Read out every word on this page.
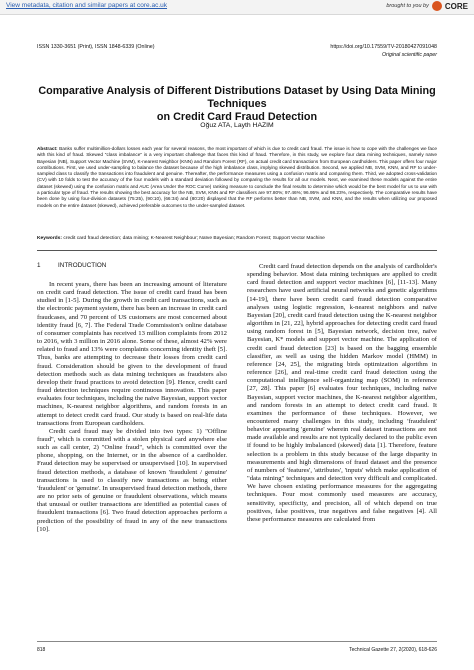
View metadata, citation and similar papers at core.ac.uk	brought to you by CORE
ISSN 1330-3651 (Print), ISSN 1848-6339 (Online)	https://doi.org/10.17559/TV-20180427091048
Original scientific paper
Comparative Analysis of Different Distributions Dataset by Using Data Mining Techniques
on Credit Card Fraud Detection
Oğuz ATA, Layth HAZIM
Abstract: Banks suffer multimillion-dollars losses each year for several reasons, the most important of which is due to credit card fraud. The issue is how to cope with the challenges we face with this kind of fraud. Skewed "class imbalance" is a very important challenge that faces this kind of fraud. Therefore, in this study, we explore four data mining techniques, namely naïve Bayesian (NB), Support Vector Machine (SVM), K-nearest Neighbor (KNN) and Random Forest (RF), on actual credit card transactions from European cardholders. This paper offers four major contributions. First, we used under-sampling to balance the dataset because of the high imbalance class, implying skewed distribution. Second, we applied NB, SVM, KNN, and RF to under-sampled class to classify the transactions into fraudulent and genuine. Thereafter, the performance measures using a confusion matrix and comparing them. Third, we adopted cross-validation (CV) with 10 folds to test the accuracy of the four models with a standard deviation followed by comparing the results for all our models. Next, we examined these models against the entire dataset (skewed) using the confusion matrix and AUC (Area Under the ROC Curve) ranking measure to conclude the final results to determine which would be the best model for us to use with a particular type of fraud. The results showing the best accuracy for the NB, SVM, KNN and RF classifiers are 97.80%; 97.46%; 96.95% and 98.23%, respectively. The comparative results have been done by using four-division datasets (75:25), (90:10), (66:34) and (80:20) displayed that the RF performs better than NB, SVM, and KNN, and the results when utilizing our proposed models on the entire dataset (skewed), achieved preferable outcomes to the under-sampled dataset.
Keywords: credit card fraud detection; data mining; K-Nearest Neighbour; Naïve Bayesian; Random Forest; Support Vector Machine
1	INTRODUCTION

In recent years, there has been an increasing amount of literature on credit card fraud detection. The issue of credit card fraud has been studied in [1-5]. During the growth in credit card transactions, such as the electronic payment system, there has been an increase in credit card fraudcases, and 70 percent of US customers are most concerned about identity fraud [6, 7]. The Federal Trade Commission's online database of consumer complaints has received 13 million complaints from 2012 to 2016, with 3 million in 2016 alone. Some of these, almost 42% were related to fraud and 13% were complaints concerning identity theft [5]. Thus, banks are attempting to decrease their losses from credit card fraud. Consideration should be given to the development of fraud detection methods such as data mining techniques as fraudsters also develop their fraud practices to avoid detection [9]. Hence, credit card fraud detection techniques require continuous innovation. This paper evaluates four techniques, including the naïve Bayesian, support vector machines, K-nearest neighbor algorithms, and random forests in an attempt to detect credit card fraud. Our study is based on real-life data transactions from European cardholders.

Credit card fraud may be divided into two types: 1) "Offline fraud", which is committed with a stolen physical card anywhere else such as call center, 2) "Online fraud", which is committed over the phone, shopping, on the Internet, or in the absence of a cardholder. Fraud detection may be supervised or unsupervised [10]. In supervised fraud detection methods, a database of known 'fraudulent / genuine' transactions is used to classify new transactions as being either 'fraudulent' or 'genuine'. In unsupervised fraud detection methods, there are no prior sets of genuine or fraudulent observations, which means that unusual or outlier transactions are identified as potential cases of fraudulent transactions [6]. Two fraud detection approaches perform a prediction of the possibility of fraud in any of the new transactions [10].

Credit card fraud detection depends on the analysis of cardholder's spending behavior. Most data mining techniques are applied to credit card fraud detection and support vector machines [6], [11-13]. Many researchers have used artificial neural networks and genetic algorithms [14-19], there have been credit card fraud detection comparative analyses using logistic regression, k-nearest neighbors and naïve Bayesian [20], credit card fraud detection using the K-nearest neighbor algorithm in [21, 22], hybrid approaches for detecting credit card fraud using random forest in [5], Bayesian network, decision tree, naïve Bayesian, K* models and support vector machine. The application of credit card fraud detection [23] is based on the bagging ensemble classifier, as well as using the hidden Markov model (HMM) in reference [24, 25], the migrating birds optimization algorithm in reference [26], and real-time credit card fraud detection using the computational intelligence self-organizing map (SOM) in reference [27, 28]. This paper [6] evaluates four techniques, including naïve Bayesian, support vector machines, the K-nearest neighbor algorithm, and random forests in an attempt to detect credit card fraud. It examines the performance of these techniques. However, we encountered many challenges in this study, including 'fraudulent' behavior appearing 'genuine' wherein real dataset transactions are not made available and results are not typically declared to the public even if found to be highly imbalanced (skewed) data [1]. Therefore, feature selection is a problem in this study because of the large disparity in measurements and high dimensions of fraud dataset and the presence of numbers of 'features', 'attributes', 'inputs' which make application of "data mining" techniques and detection very difficult and complicated. We have chosen existing performance measures for the aggregating techniques. Four most commonly used measures are accuracy, sensitivity, specificity, and precision, all of which depend on true positives, false positives, true negatives and false negatives [4]. All these performance measures are calculated from

818	Technical Gazette 27, 2(2020), 618-626
